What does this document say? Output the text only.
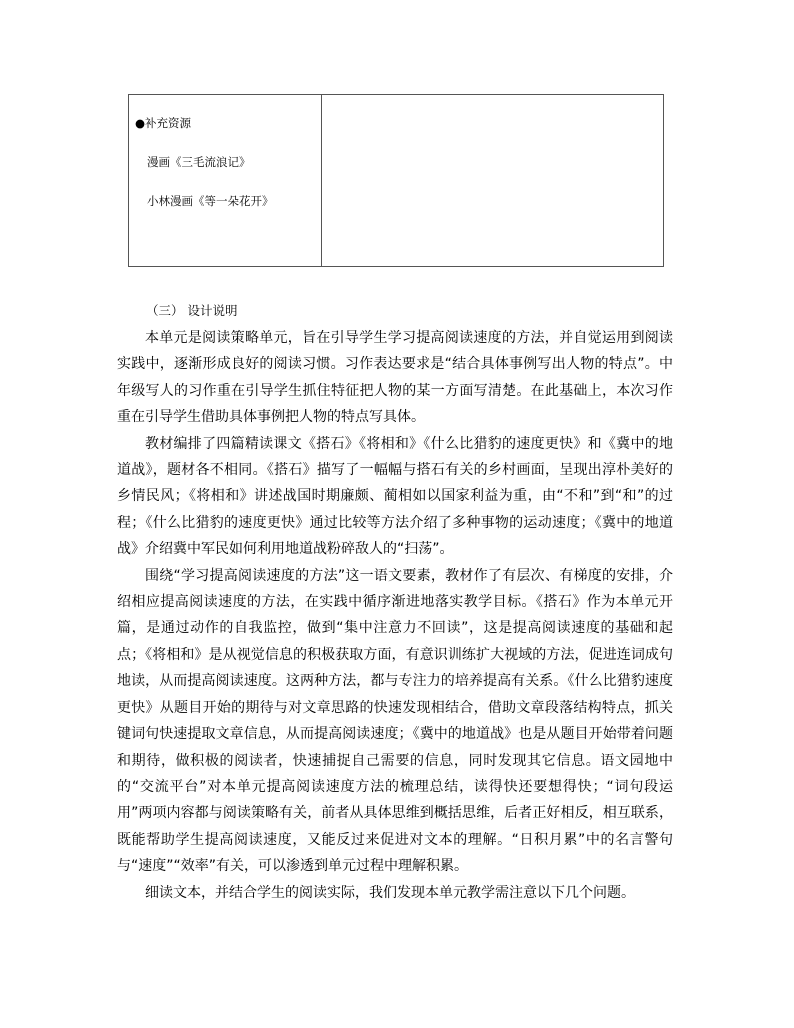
●补充资源
漫画《三毛流浪记》
小林漫画《等一朵花开》
（三） 设计说明

本单元是阅读策略单元，旨在引导学生学习提高阅读速度的方法，并自觉运用到阅读实践中，逐渐形成良好的阅读习惯。习作表达要求是“结合具体事例写出人物的特点”。中年级写人的习作重在引导学生抓住特征把人物的某一方面写清楚。在此基础上，本次习作重在引导学生借助具体事例把人物的特点写具体。

教材编排了四篇精读课文《搭石》《将相和》《什么比猎豹的速度更快》和《冀中的地道战》，题材各不相同。《搭石》描写了一幅幅与搭石有关的乡村画面，呈现出淳朴美好的乡情民风；《将相和》讲述战国时期廉颇、蔺相如以国家利益为重，由“不和”到“和”的过程；《什么比猎豹的速度更快》通过比较等方法介绍了多种事物的运动速度；《冀中的地道战》介绍冀中军民如何利用地道战粉碎敌人的“扫荡”。

围绕“学习提高阅读速度的方法”这一语文要素，教材作了有层次、有梯度的安排，介绍相应提高阅读速度的方法，在实践中循序渐进地落实教学目标。《搭石》作为本单元开篇，是通过动作的自我监控，做到“集中注意力不回读”，这是提高阅读速度的基础和起点；《将相和》是从视觉信息的积极获取方面，有意识训练扩大视域的方法，促进连词成句地读，从而提高阅读速度。这两种方法，都与专注力的培养提高有关系。《什么比猎豹速度更快》从题目开始的期待与对文章思路的快速发现相结合，借助文章段落结构特点，抓关键词句快速提取文章信息，从而提高阅读速度；《冀中的地道战》也是从题目开始带着问题和期待，做积极的阅读者，快速捕捉自己需要的信息，同时发现其它信息。语文园地中的“交流平台”对本单元提高阅读速度方法的梳理总结，读得快还要想得快；“词句段运用”两项内容都与阅读策略有关，前者从具体思维到概括思维，后者正好相反，相互联系，既能帮助学生提高阅读速度，又能反过来促进对文本的理解。“日积月累”中的名言警句与“速度”“效率”有关，可以渗透到单元过程中理解积累。

细读文本，并结合学生的阅读实际，我们发现本单元教学需注意以下几个问题。
